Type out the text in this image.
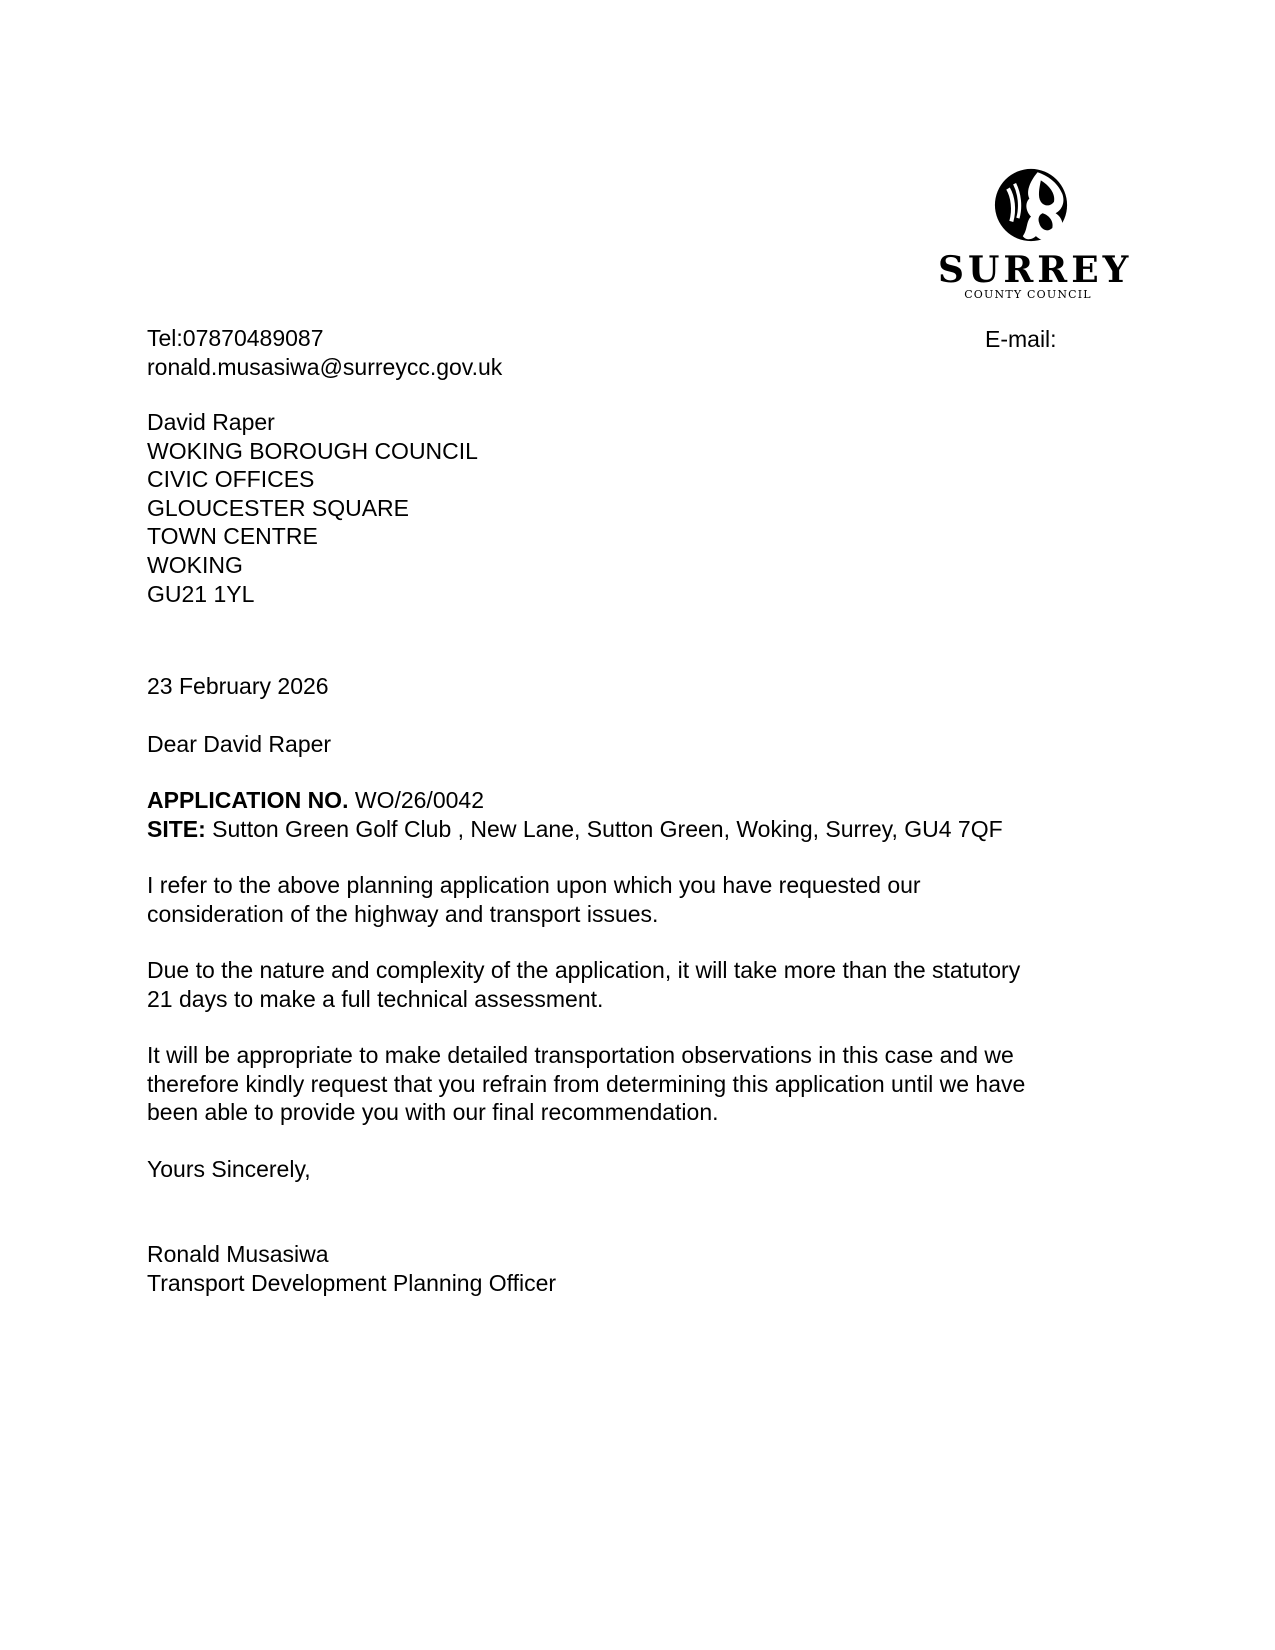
SURREY
COUNTY COUNCIL
Tel:07870489087
ronald.musasiwa@surreycc.gov.uk
E-mail:
David Raper
WOKING BOROUGH COUNCIL
CIVIC OFFICES
GLOUCESTER SQUARE
TOWN CENTRE
WOKING
GU21 1YL
23 February 2026
Dear David Raper
APPLICATION NO. WO/26/0042
SITE: Sutton Green Golf Club , New Lane, Sutton Green, Woking, Surrey, GU4 7QF
I refer to the above planning application upon which you have requested our
consideration of the highway and transport issues.
Due to the nature and complexity of the application, it will take more than the statutory
21 days to make a full technical assessment.
It will be appropriate to make detailed transportation observations in this case and we
therefore kindly request that you refrain from determining this application until we have
been able to provide you with our final recommendation.
Yours Sincerely,
Ronald Musasiwa
Transport Development Planning Officer
